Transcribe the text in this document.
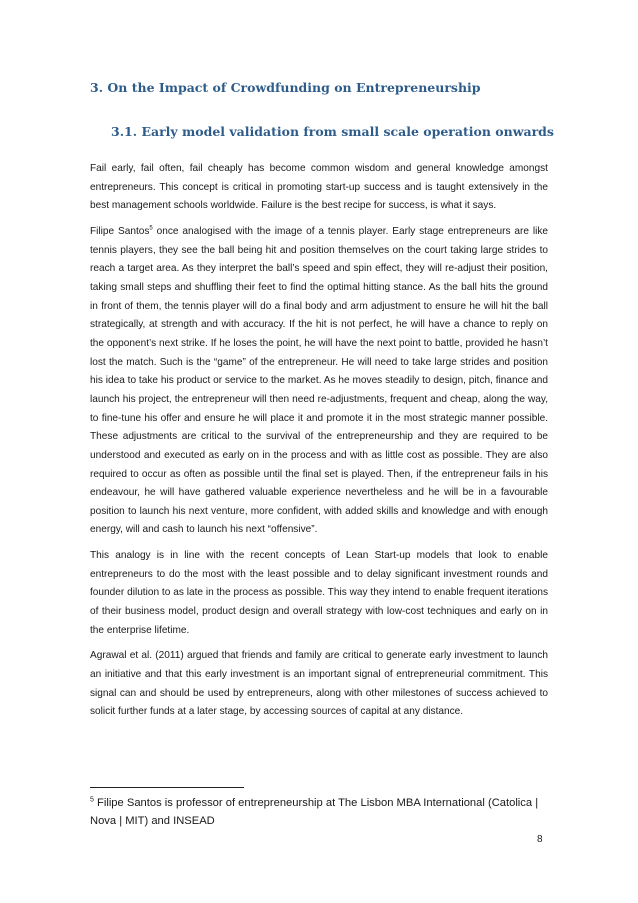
3. On the Impact of Crowdfunding on Entrepreneurship
3.1. Early model validation from small scale operation onwards

Fail early, fail often, fail cheaply has become common wisdom and general knowledge amongst entrepreneurs. This concept is critical in promoting start-up success and is taught extensively in the best management schools worldwide. Failure is the best recipe for success, is what it says.

Filipe Santos$^5$ once analogised with the image of a tennis player. Early stage entrepreneurs are like tennis players, they see the ball being hit and position themselves on the court taking large strides to reach a target area. As they interpret the ball’s speed and spin effect, they will re-adjust their position, taking small steps and shuffling their feet to find the optimal hitting stance. As the ball hits the ground in front of them, the tennis player will do a final body and arm adjustment to ensure he will hit the ball strategically, at strength and with accuracy. If the hit is not perfect, he will have a chance to reply on the opponent’s next strike. If he loses the point, he will have the next point to battle, provided he hasn’t lost the match. Such is the “game” of the entrepreneur. He will need to take large strides and position his idea to take his product or service to the market. As he moves steadily to design, pitch, finance and launch his project, the entrepreneur will then need re-adjustments, frequent and cheap, along the way, to fine-tune his offer and ensure he will place it and promote it in the most strategic manner possible. These adjustments are critical to the survival of the entrepreneurship and they are required to be understood and executed as early on in the process and with as little cost as possible. They are also required to occur as often as possible until the final set is played. Then, if the entrepreneur fails in his endeavour, he will have gathered valuable experience nevertheless and he will be in a favourable position to launch his next venture, more confident, with added skills and knowledge and with enough energy, will and cash to launch his next “offensive”.

This analogy is in line with the recent concepts of Lean Start-up models that look to enable entrepreneurs to do the most with the least possible and to delay significant investment rounds and founder dilution to as late in the process as possible. This way they intend to enable frequent iterations of their business model, product design and overall strategy with low-cost techniques and early on in the enterprise lifetime.

Agrawal et al. (2011) argued that friends and family are critical to generate early investment to launch an initiative and that this early investment is an important signal of entrepreneurial commitment. This signal can and should be used by entrepreneurs, along with other milestones of success achieved to solicit further funds at a later stage, by accessing sources of capital at any distance.

$^5$ Filipe Santos is professor of entrepreneurship at The Lisbon MBA International (Catolica | Nova | MIT) and INSEAD
8
